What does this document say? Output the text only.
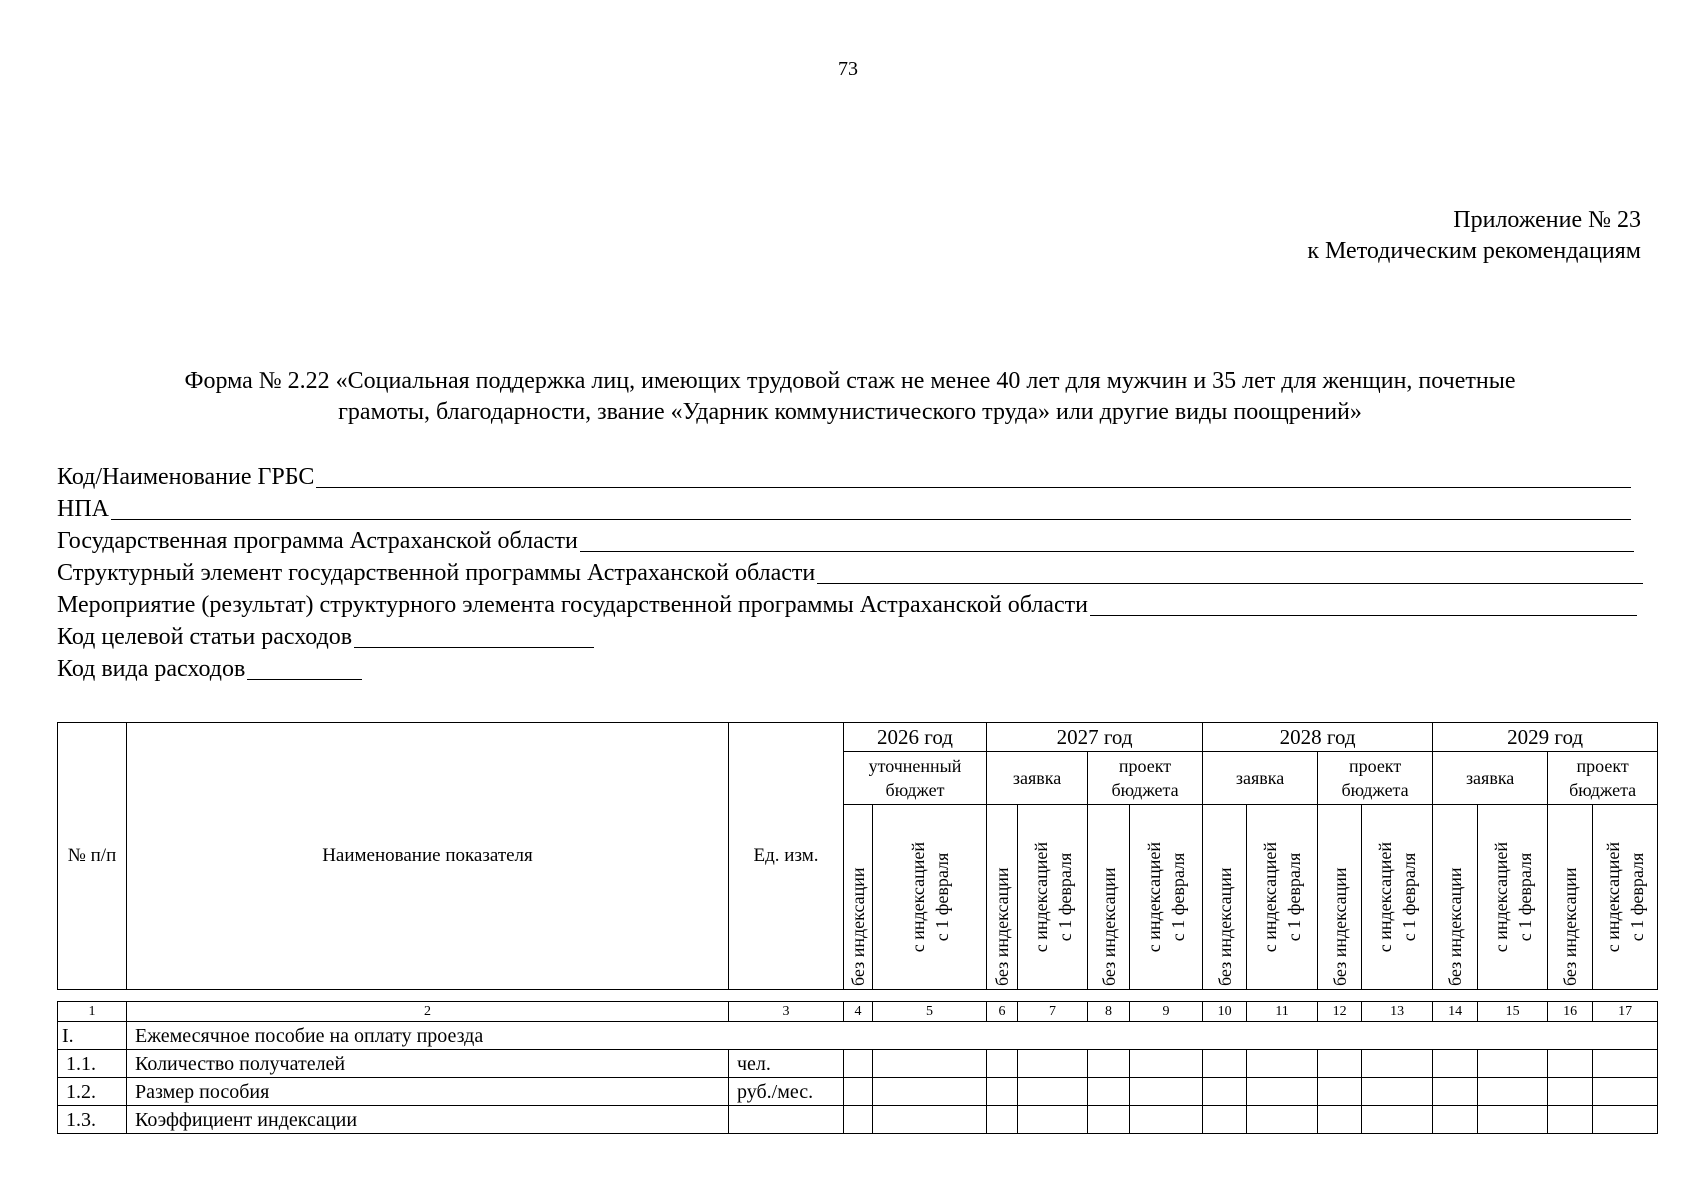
73
Приложение № 23
к Методическим рекомендациям
Форма № 2.22 «Социальная поддержка лиц, имеющих трудовой стаж не менее 40 лет для мужчин и 35 лет для женщин, почетные
грамоты, благодарности, звание «Ударник коммунистического труда» или другие виды поощрений»
Код/Наименование ГРБС
НПА
Государственная программа Астраханской области
Структурный элемент государственной программы Астраханской области
Мероприятие (результат) структурного элемента государственной программы Астраханской области
Код целевой статьи расходов
Код вида расходов
№ п/п	Наименование показателя	Ед. изм.	2026 год		2027 год				2028 год				2029 год			
			уточненный бюджет		заявка		проект бюджета		заявка		проект бюджета		заявка		проект бюджета	

			без индексации	с индексацией с 1 февраля	без индексации	с индексацией с 1 февраля	без индексации	с индексацией с 1 февраля	без индексации	с индексацией с 1 февраля	без индексации	с индексацией с 1 февраля	без индексации	с индексацией с 1 февраля	без индексации	с индексацией с 1 февраля

1	2	3	4	5	6	7	8	9	10	11	12	13	14	15	16	17
I.	Ежемесячное пособие на оплату проезда															
1.1.	Количество получателей	чел.														
1.2.	Размер пособия	руб./мес.														
1.3.	Коэффициент индексации															
